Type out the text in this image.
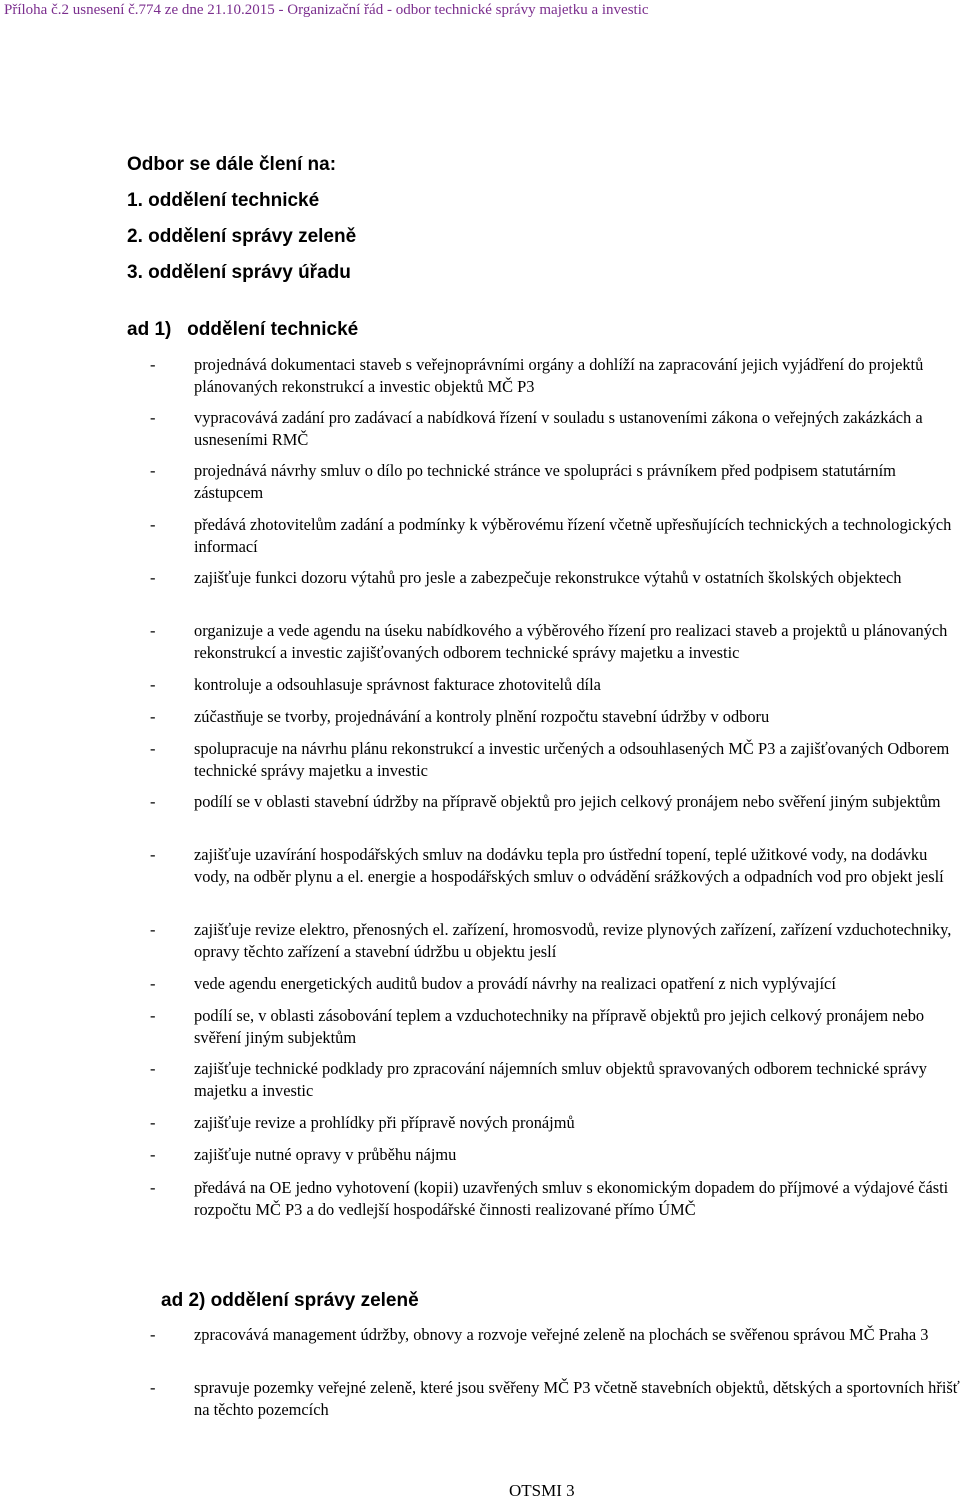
Příloha č.2 usnesení č.774 ze dne 21.10.2015 - Organizační řád - odbor technické správy majetku a investic
Odbor se dále člení na:
1. oddělení technické
2. oddělení správy zeleně
3. oddělení správy úřadu
ad 1)   oddělení technické
- projednává dokumentaci staveb s veřejnoprávními orgány a dohlíží na zapracování jejich vyjádření do projektů plánovaných rekonstrukcí a investic objektů MČ P3
- vypracovává zadání pro zadávací a nabídková řízení v souladu s ustanoveními zákona o veřejných zakázkách a usneseními RMČ
- projednává návrhy smluv o dílo po technické stránce ve spolupráci s právníkem před podpisem statutárním zástupcem
- předává zhotovitelům zadání a podmínky k výběrovému řízení včetně upřesňujících technických a technologických informací
- zajišťuje funkci dozoru výtahů pro jesle a zabezpečuje rekonstrukce výtahů v ostatních školských objektech
- organizuje a vede agendu na úseku nabídkového a výběrového řízení pro realizaci staveb a projektů u plánovaných rekonstrukcí a investic zajišťovaných odborem technické správy majetku a investic
- kontroluje a odsouhlasuje správnost fakturace zhotovitelů díla
- zúčastňuje se tvorby, projednávání a kontroly plnění rozpočtu stavební údržby v odboru
- spolupracuje na návrhu plánu rekonstrukcí a investic určených a odsouhlasených MČ P3 a zajišťovaných Odborem technické správy majetku a investic
- podílí se v oblasti stavební údržby na přípravě objektů pro jejich celkový pronájem nebo svěření jiným subjektům
- zajišťuje uzavírání hospodářských smluv na dodávku tepla pro ústřední topení, teplé užitkové vody, na dodávku vody, na odběr plynu a el. energie a hospodářských smluv o odvádění srážkových a odpadních vod pro objekt jeslí
- zajišťuje revize elektro, přenosných el. zařízení, hromosvodů, revize plynových zařízení, zařízení vzduchotechniky, opravy těchto zařízení a stavební údržbu u objektu jeslí
- vede agendu energetických auditů budov a provádí návrhy na realizaci opatření z nich vyplývající
- podílí se, v oblasti zásobování teplem a vzduchotechniky na přípravě objektů pro jejich celkový pronájem nebo svěření jiným subjektům
- zajišťuje technické podklady pro zpracování nájemních smluv objektů spravovaných odborem technické správy majetku a investic
- zajišťuje revize a prohlídky při přípravě nových pronájmů
- zajišťuje nutné opravy v průběhu nájmu
- předává na OE jedno vyhotovení (kopii) uzavřených smluv s ekonomickým dopadem do příjmové a výdajové části rozpočtu MČ P3 a do vedlejší hospodářské činnosti realizované přímo ÚMČ
ad 2) oddělení správy zeleně
- zpracovává management údržby, obnovy a rozvoje veřejné zeleně na plochách se svěřenou správou MČ Praha 3
- spravuje pozemky veřejné zeleně, které jsou svěřeny MČ P3 včetně stavebních objektů, dětských a sportovních hřišť na těchto pozemcích
OTSMI 3
